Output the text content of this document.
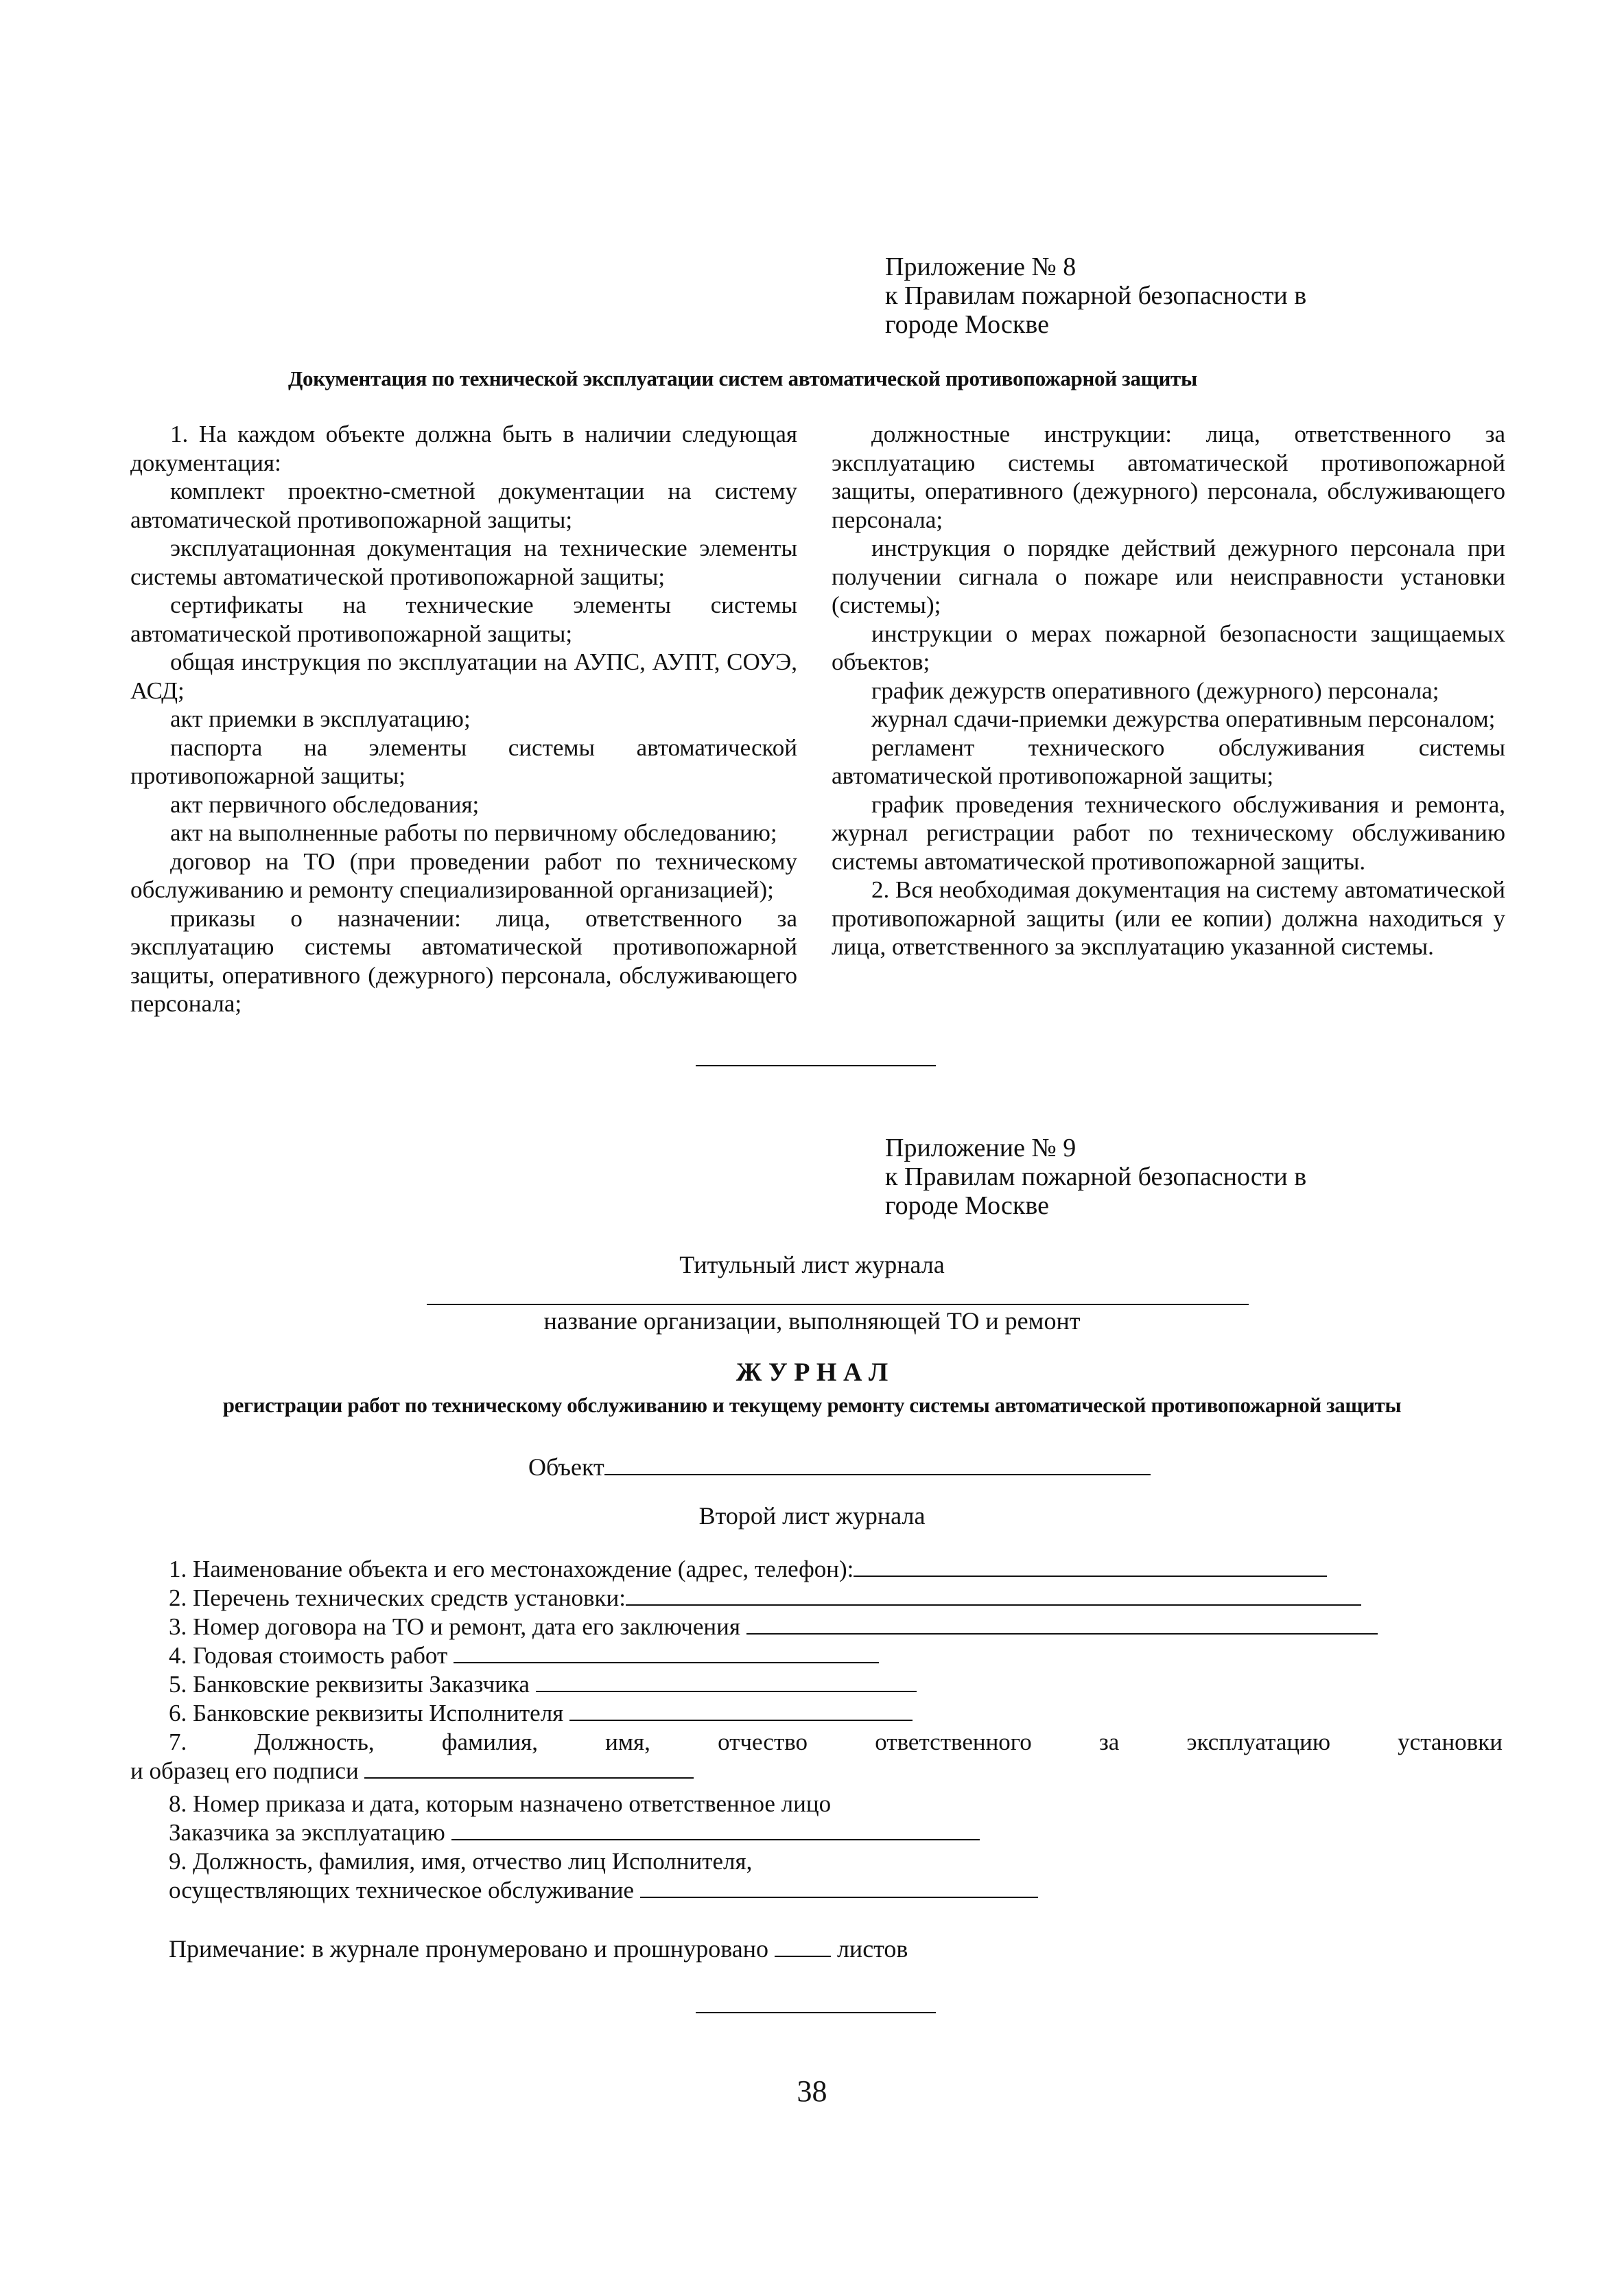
Приложение № 8
к Правилам пожарной безопасности в
городе Москве
Документация по технической эксплуатации систем автоматической противопожарной защиты

1. На каждом объекте должна быть в наличии следующая документация:

комплект проектно-сметной документации на систему автоматической противопожарной защиты;

эксплуатационная документация на технические элементы системы автоматической противопожарной защиты;

сертификаты на технические элементы системы автоматической противопожарной защиты;

общая инструкция по эксплуатации на АУПС, АУПТ, СОУЭ, АСД;

акт приемки в эксплуатацию;

паспорта на элементы системы автоматической противопожарной защиты;

акт первичного обследования;

акт на выполненные работы по первичному обследованию;

договор на ТО (при проведении работ по техническому обслуживанию и ремонту специализированной организацией);

приказы о назначении: лица, ответственного за эксплуатацию системы автоматической противопожарной защиты, оперативного (дежурного) персонала, обслуживающего персонала;

должностные инструкции: лица, ответственного за эксплуатацию системы автоматической противопожарной защиты, оперативного (дежурного) персонала, обслуживающего персонала;

инструкция о порядке действий дежурного персонала при получении сигнала о пожаре или неисправности установки (системы);

инструкции о мерах пожарной безопасности защищаемых объектов;

график дежурств оперативного (дежурного) персонала;

журнал сдачи-приемки дежурства оперативным персоналом;

регламент технического обслуживания системы автоматической противопожарной защиты;

график проведения технического обслуживания и ремонта, журнал регистрации работ по техническому обслуживанию системы автоматической противопожарной защиты.

2. Вся необходимая документация на систему автоматической противопожарной защиты (или ее копии) должна находиться у лица, ответственного за эксплуатацию указанной системы.

Приложение № 9
к Правилам пожарной безопасности в
городе Москве
Титульный лист журнала
название организации, выполняющей ТО и ремонт
Ж У Р Н А Л
регистрации работ по техническому обслуживанию и текущему ремонту системы автоматической противопожарной защиты
Объект
Второй лист журнала
1. Наименование объекта и его местонахождение (адрес, телефон):
2. Перечень технических средств установки:
3. Номер договора на ТО и ремонт, дата его заключения
4. Годовая стоимость работ
5. Банковские реквизиты Заказчика
6. Банковские реквизиты Исполнителя
7.	Должность,	фамилия,	имя,	отчество	ответственного	за	эксплуатацию	установки
и образец его подписи
8. Номер приказа и дата, которым назначено ответственное лицо
Заказчика за эксплуатацию
9. Должность, фамилия, имя, отчество лиц Исполнителя,
осуществляющих техническое обслуживание
Примечание: в журнале пронумеровано и прошнуровано	листов
38
